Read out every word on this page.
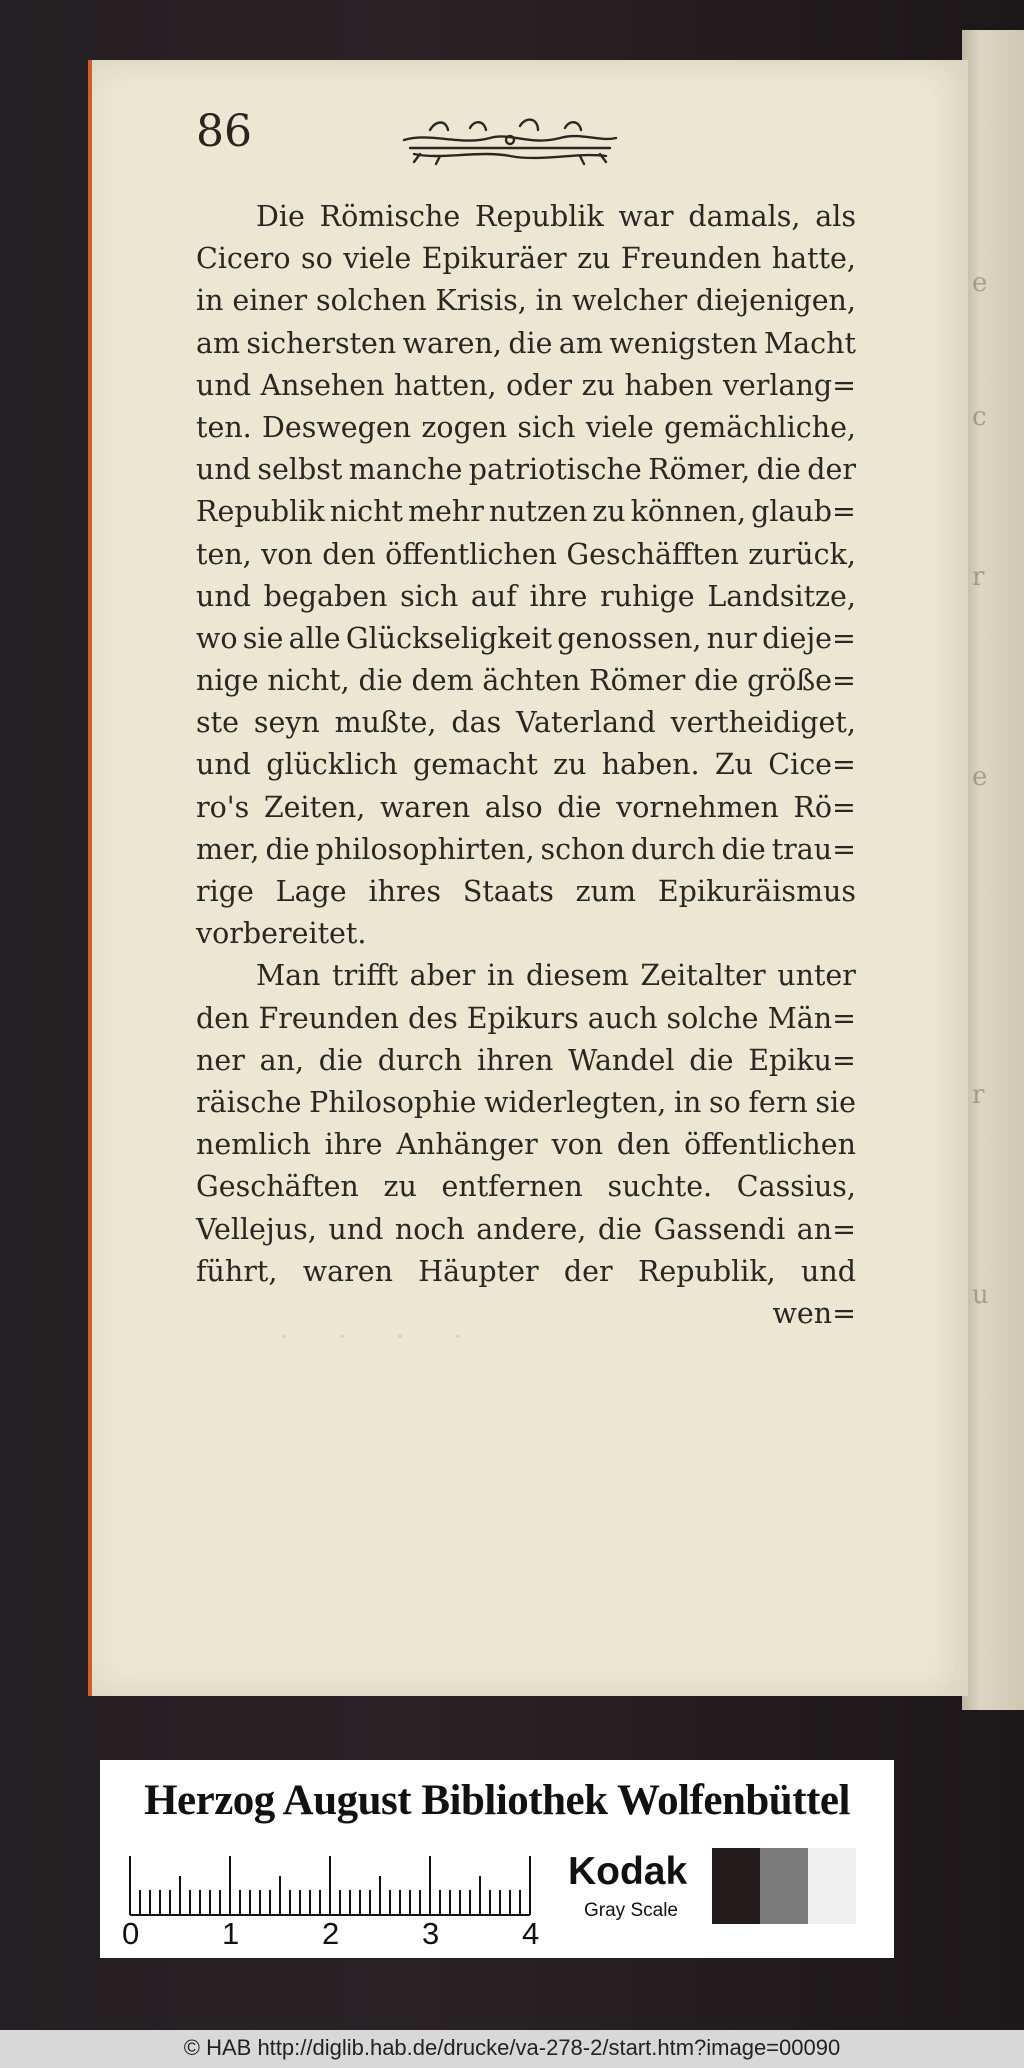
e
c
r
e
r
u
86
Die Römische Republik war damals, als
Cicero so viele Epikuräer zu Freunden hatte,
in einer solchen Krisis, in welcher diejenigen,
am sichersten waren, die am wenigsten Macht
und Ansehen hatten, oder zu haben verlang=
ten. Deswegen zogen sich viele gemächliche,
und selbst manche patriotische Römer, die der
Republik nicht mehr nutzen zu können, glaub=
ten, von den öffentlichen Geschäfften zurück,
und begaben sich auf ihre ruhige Landsitze,
wo sie alle Glückseligkeit genossen, nur dieje=
nige nicht, die dem ächten Römer die größe=
ste seyn mußte, das Vaterland vertheidiget,
und glücklich gemacht zu haben. Zu Cice=
ro's Zeiten, waren also die vornehmen Rö=
mer, die philosophirten, schon durch die trau=
rige Lage ihres Staats zum Epikuräismus
vorbereitet.
Man trifft aber in diesem Zeitalter unter
den Freunden des Epikurs auch solche Män=
ner an, die durch ihren Wandel die Epiku=
räische Philosophie widerlegten, in so fern sie
nemlich ihre Anhänger von den öffentlichen
Geschäften zu entfernen suchte. Cassius,
Vellejus, und noch andere, die Gassendi an=
führt, waren Häupter der Republik, und
wen=
· · · ·
Herzog August Bibliothek Wolfenbüttel
0	1	2	3	4
Kodak
Gray Scale
© HAB http://diglib.hab.de/drucke/va-278-2/start.htm?image=00090
